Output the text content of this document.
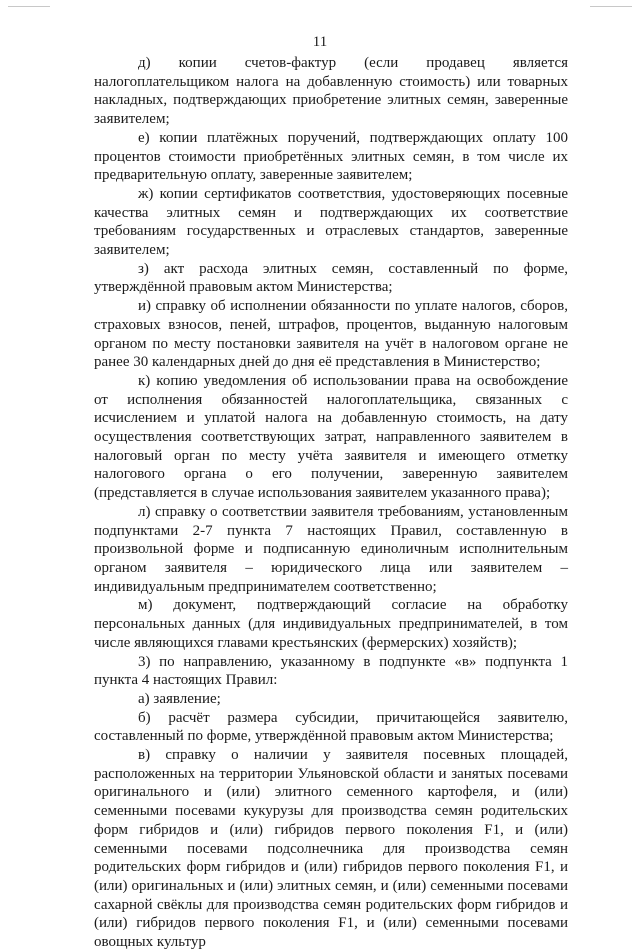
11

д) копии счетов-фактур (если продавец является налогоплательщиком налога на добавленную стоимость) или товарных накладных, подтверждающих приобретение элитных семян, заверенные заявителем;

е) копии платёжных поручений, подтверждающих оплату 100 процентов стоимости приобретённых элитных семян, в том числе их предварительную оплату, заверенные заявителем;

ж) копии сертификатов соответствия, удостоверяющих посевные качества элитных семян и подтверждающих их соответствие требованиям государственных и отраслевых стандартов, заверенные заявителем;

з) акт расхода элитных семян, составленный по форме, утверждённой правовым актом Министерства;

и) справку об исполнении обязанности по уплате налогов, сборов, страховых взносов, пеней, штрафов, процентов, выданную налоговым органом по месту постановки заявителя на учёт в налоговом органе не ранее 30 календарных дней до дня её представления в Министерство;

к) копию уведомления об использовании права на освобождение от исполнения обязанностей налогоплательщика, связанных с исчислением и уплатой налога на добавленную стоимость, на дату осуществления соответствующих затрат, направленного заявителем в налоговый орган по месту учёта заявителя и имеющего отметку налогового органа о его получении, заверенную заявителем (представляется в случае использования заявителем указанного права);

л) справку о соответствии заявителя требованиям, установленным подпунктами 2-7 пункта 7 настоящих Правил, составленную в произвольной форме и подписанную единоличным исполнительным органом заявителя – юридического лица или заявителем – индивидуальным предпринимателем соответственно;

м) документ, подтверждающий согласие на обработку персональных данных (для индивидуальных предпринимателей, в том числе являющихся главами крестьянских (фермерских) хозяйств);

3) по направлению, указанному в подпункте «в» подпункта 1 пункта 4 настоящих Правил:

а) заявление;

б) расчёт размера субсидии, причитающейся заявителю, составленный по форме, утверждённой правовым актом Министерства;

в) справку о наличии у заявителя посевных площадей, расположенных на территории Ульяновской области и занятых посевами оригинального и (или) элитного семенного картофеля, и (или) семенными посевами кукурузы для производства семян родительских форм гибридов и (или) гибридов первого поколения F1, и (или) семенными посевами подсолнечника для производства семян родительских форм гибридов и (или) гибридов первого поколения F1, и (или) оригинальных и (или) элитных семян, и (или) семенными посевами сахарной свёклы для производства семян родительских форм гибридов и (или) гибридов первого поколения F1, и (или) семенными посевами овощных культур
